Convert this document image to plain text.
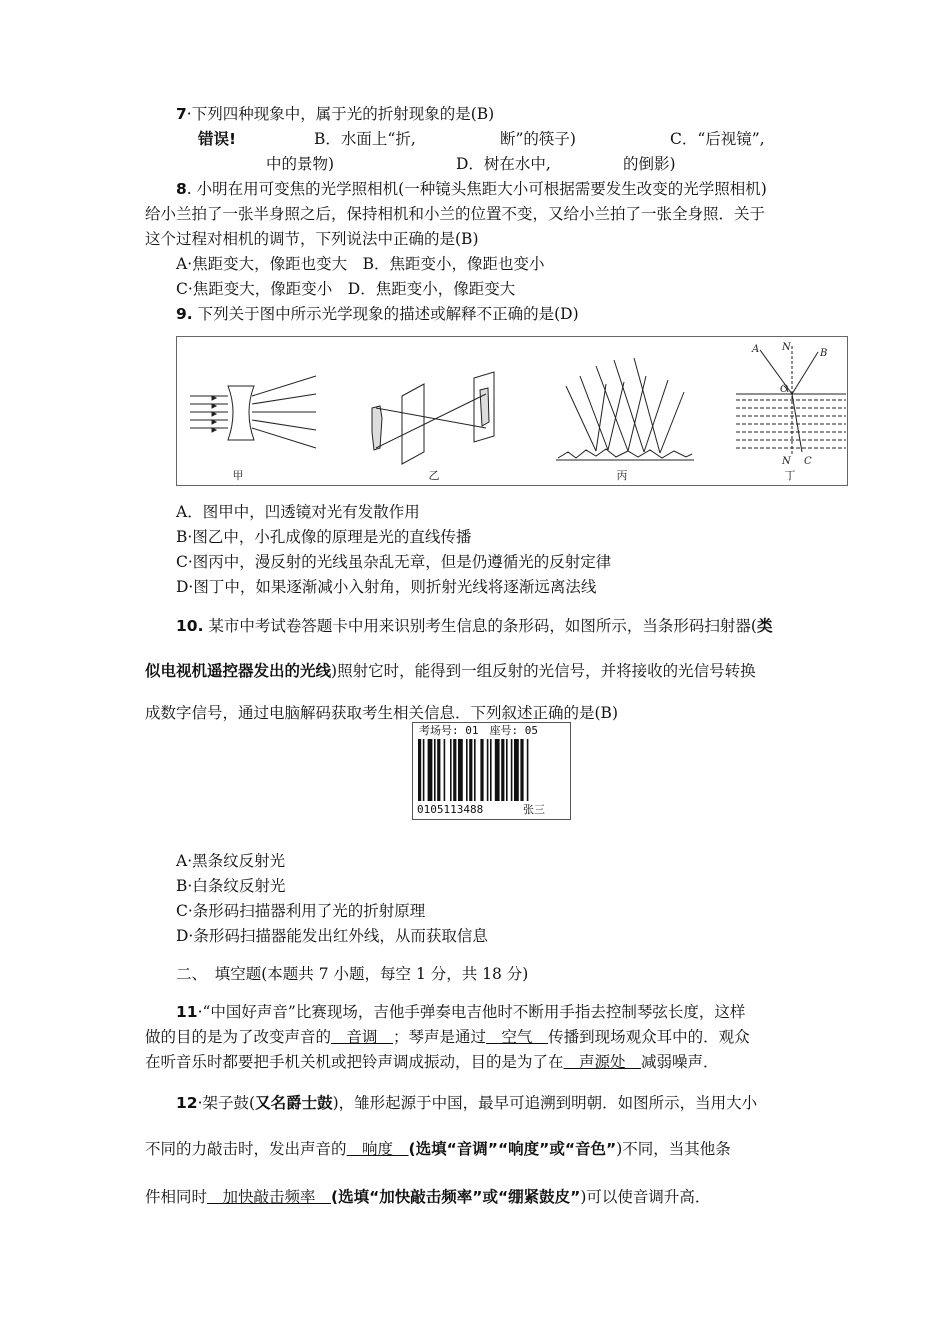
7·下列四种现象中，属于光的折射现象的是(B)
错误!	B．水面上“折,	断”的筷子)	C．“后视镜”,
中的景物)	D．树在水中,	的倒影)
8. 小明在用可变焦的光学照相机(一种镜头焦距大小可根据需要发生改变的光学照相机)
给小兰拍了一张半身照之后，保持相机和小兰的位置不变，又给小兰拍了一张全身照．关于
这个过程对相机的调节，下列说法中正确的是(B)
A·焦距变大，像距也变大　B．焦距变小，像距也变小
C·焦距变大，像距变小　D．焦距变小，像距变大
9. 下列关于图中所示光学现象的描述或解释不正确的是(D)
甲	乙	丙
A N
B
O
N C
丁
A．图甲中，凹透镜对光有发散作用
B·图乙中，小孔成像的原理是光的直线传播
C·图丙中，漫反射的光线虽杂乱无章，但是仍遵循光的反射定律
D·图丁中，如果逐渐减小入射角，则折射光线将逐渐远离法线
10. 某市中考试卷答题卡中用来识别考生信息的条形码，如图所示，当条形码扫射器(类
似电视机遥控器发出的光线)照射它时，能得到一组反射的光信号，并将接收的光信号转换
成数字信号，通过电脑解码获取考生相关信息．下列叙述正确的是(B)
考场号: 01　座号: 05
0105113488	张三
A·黑条纹反射光
B·白条纹反射光
C·条形码扫描器利用了光的折射原理
D·条形码扫描器能发出红外线，从而获取信息
二、　填空题(本题共 7 小题，每空 1 分，共 18 分)
11·“中国好声音”比赛现场，吉他手弹奏电吉他时不断用手指去控制琴弦长度，这样
做的目的是为了改变声音的　音调　；琴声是通过　空气　传播到现场观众耳中的．观众
在听音乐时都要把手机关机或把铃声调成振动，目的是为了在　声源处　减弱噪声．
12·架子鼓(又名爵士鼓)，雏形起源于中国，最早可追溯到明朝．如图所示，当用大小
不同的力敲击时，发出声音的　响度　(选填“音调”“响度”或“音色”)不同，当其他条
件相同时　加快敲击频率　(选填“加快敲击频率”或“绷紧鼓皮”)可以使音调升高．
